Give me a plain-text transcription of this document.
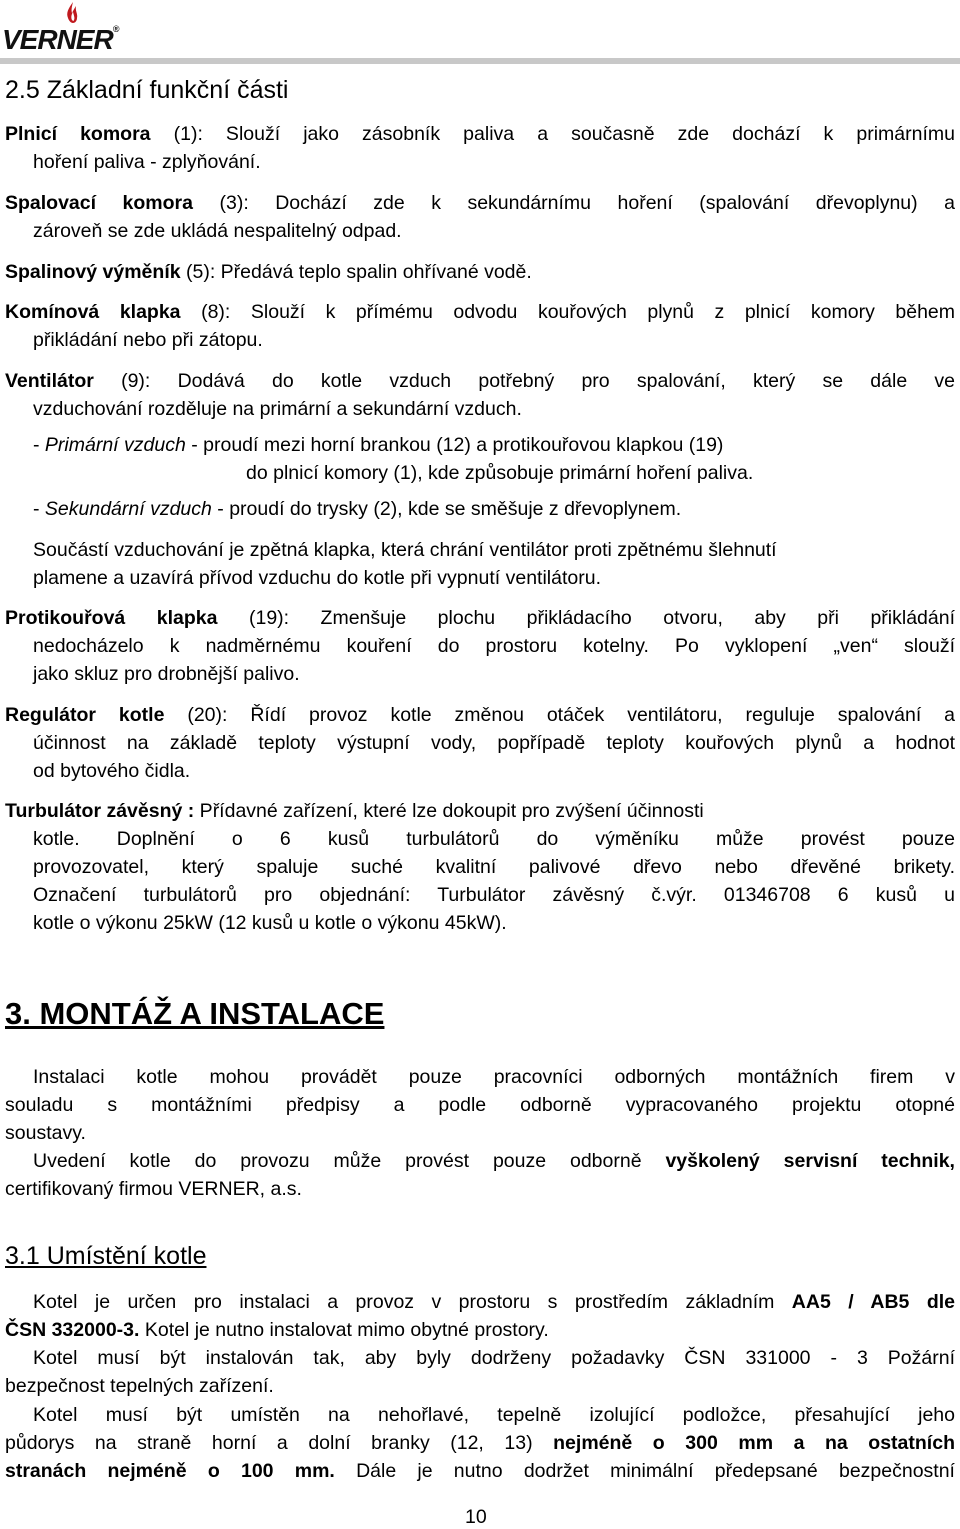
VERNER®
2.5 Základní funkční části
Plnicí komora (1): Slouží jako zásobník paliva a současně zde dochází k primárnímu
hoření paliva - zplyňování.
Spalovací komora (3): Dochází zde k sekundárnímu hoření (spalování dřevoplynu) a
zároveň se zde ukládá nespalitelný odpad.
Spalinový výměník (5): Předává teplo spalin ohřívané vodě.
Komínová klapka (8): Slouží k přímému odvodu kouřových plynů z plnicí komory během
přikládání nebo při zátopu.
Ventilátor (9): Dodává do kotle vzduch potřebný pro spalování, který se dále ve
vzduchování rozděluje na primární a sekundární vzduch.
- Primární vzduch - proudí mezi horní brankou (12) a protikouřovou klapkou (19)
do plnicí komory (1), kde způsobuje primární hoření paliva.
- Sekundární vzduch - proudí do trysky (2), kde se směšuje z dřevoplynem.
Součástí vzduchování je zpětná klapka, která chrání ventilátor proti zpětnému šlehnutí
plamene a uzavírá přívod vzduchu do kotle při vypnutí ventilátoru.
Protikouřová klapka (19): Zmenšuje plochu přikládacího otvoru, aby při přikládání
nedocházelo k nadměrnému kouření do prostoru kotelny. Po vyklopení „ven“ slouží
jako skluz pro drobnější palivo.
Regulátor kotle (20): Řídí provoz kotle změnou otáček ventilátoru, reguluje spalování a
účinnost na základě teploty výstupní vody, popřípadě teploty kouřových plynů a hodnot
od bytového čidla.
Turbulátor závěsný : Přídavné zařízení, které lze dokoupit pro zvýšení účinnosti
kotle. Doplnění o 6 kusů turbulátorů do výměníku může provést pouze
provozovatel, který spaluje suché kvalitní palivové dřevo nebo dřevěné brikety.
Označení turbulátorů pro objednání: Turbulátor závěsný č.výr. 01346708 6 kusů u
kotle o výkonu 25kW (12 kusů u kotle o výkonu 45kW).
3. MONTÁŽ A INSTALACE
Instalaci kotle mohou provádět pouze pracovníci odborných montážních firem v
souladu s montážními předpisy a podle odborně vypracovaného projektu otopné
soustavy.
Uvedení kotle do provozu může provést pouze odborně vyškolený servisní technik,
certifikovaný firmou VERNER, a.s.
3.1 Umístění kotle
Kotel je určen pro instalaci a provoz v prostoru s prostředím základním AA5 / AB5 dle
ČSN 332000-3. Kotel je nutno instalovat mimo obytné prostory.
Kotel musí být instalován tak, aby byly dodrženy požadavky ČSN 331000 - 3 Požární
bezpečnost tepelných zařízení.
Kotel musí být umístěn na nehořlavé, tepelně izolující podložce, přesahující jeho
půdorys na straně horní a dolní branky (12, 13) nejméně o 300 mm a na ostatních
stranách nejméně o 100 mm. Dále je nutno dodržet minimální předepsané bezpečnostní
10
